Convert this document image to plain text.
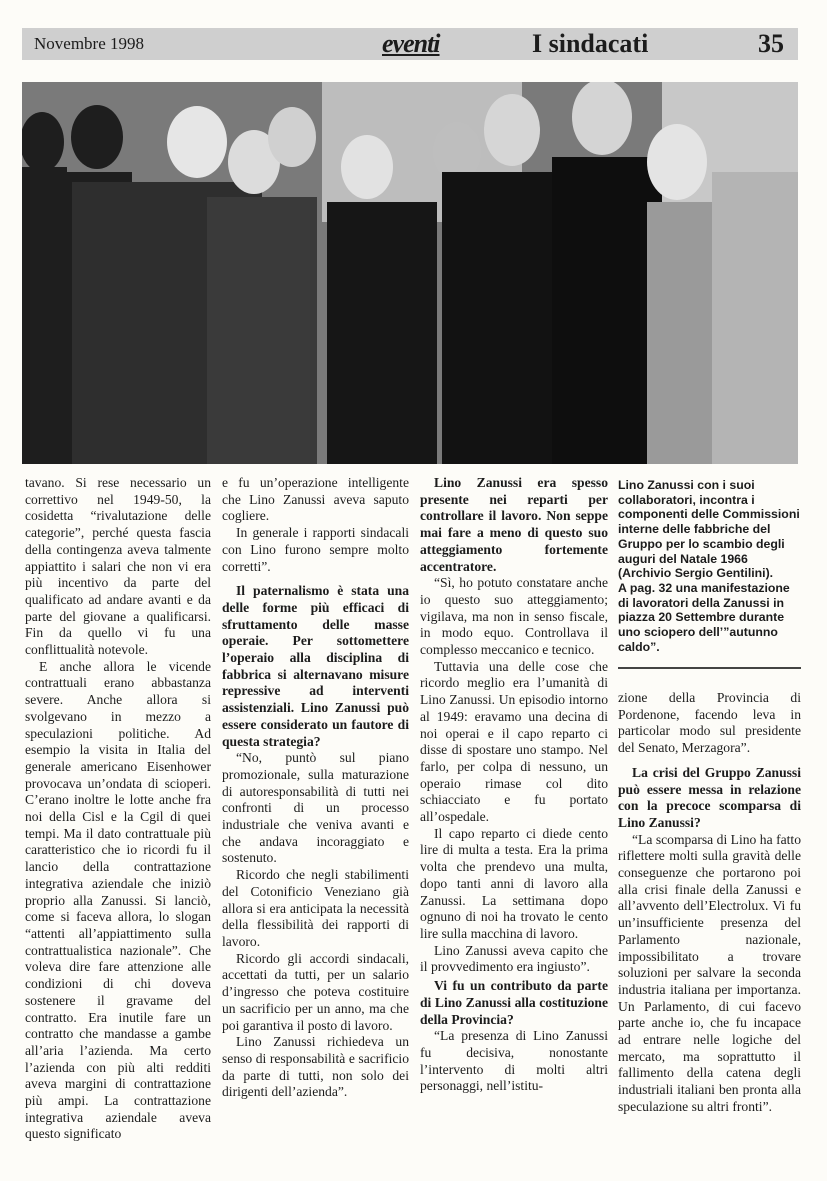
Novembre 1998	eventi	I sindacati	35

tavano. Si rese necessario un correttivo nel 1949-50, la cosidetta “rivalutazione delle categorie”, perché questa fascia della contingenza aveva talmente appiattito i salari che non vi era più incentivo da parte del qualificato ad andare avanti e da parte del giovane a qualificarsi. Fin da quello vi fu una conflittualità notevole.

E anche allora le vicende contrattuali erano abbastanza severe. Anche allora si svolgevano in mezzo a speculazioni politiche. Ad esempio la visita in Italia del generale americano Eisenhower provocava un’ondata di scioperi. C’erano inoltre le lotte anche fra noi della Cisl e la Cgil di quei tempi. Ma il dato contrattuale più caratteristico che io ricordi fu il lancio della contrattazione integrativa aziendale che iniziò proprio alla Zanussi. Si lanciò, come si faceva allora, lo slogan “attenti all’appiattimento sulla contrattualistica nazionale”. Che voleva dire fare attenzione alle condizioni di chi doveva sostenere il gravame del contratto. Era inutile fare un contratto che mandasse a gambe all’aria l’azienda. Ma certo l’azienda con più alti redditi aveva margini di contrattazione più ampi. La contrattazione integrativa aziendale aveva questo significato

e fu un’operazione intelligente che Lino Zanussi aveva saputo cogliere.

In generale i rapporti sindacali con Lino furono sempre molto corretti”.

Il paternalismo è stata una delle forme più efficaci di sfruttamento delle masse operaie. Per sottomettere l’operaio alla disciplina di fabbrica si alternavano misure repressive ad interventi assistenziali. Lino Zanussi può essere considerato un fautore di questa strategia?

“No, puntò sul piano promozionale, sulla maturazione di autoresponsabilità di tutti nei confronti di un processo industriale che veniva avanti e che andava incoraggiato e sostenuto.

Ricordo che negli stabilimenti del Cotonificio Veneziano già allora si era anticipata la necessità della flessibilità dei rapporti di lavoro.

Ricordo gli accordi sindacali, accettati da tutti, per un salario d’ingresso che poteva costituire un sacrificio per un anno, ma che poi garantiva il posto di lavoro.

Lino Zanussi richiedeva un senso di responsabilità e sacrificio da parte di tutti, non solo dei dirigenti dell’azienda”.

Lino Zanussi era spesso presente nei reparti per controllare il lavoro. Non seppe mai fare a meno di questo suo atteggiamento fortemente accentratore.

“Sì, ho potuto constatare anche io questo suo atteggiamento; vigilava, ma non in senso fiscale, in modo equo. Controllava il complesso meccanico e tecnico.

Tuttavia una delle cose che ricordo meglio era l’umanità di Lino Zanussi. Un episodio intorno al 1949: eravamo una decina di noi operai e il capo reparto ci disse di spostare uno stampo. Nel farlo, per colpa di nessuno, un operaio rimase col dito schiacciato e fu portato all’ospedale.

Il capo reparto ci diede cento lire di multa a testa. Era la prima volta che prendevo una multa, dopo tanti anni di lavoro alla Zanussi. La settimana dopo ognuno di noi ha trovato le cento lire sulla macchina di lavoro.

Lino Zanussi aveva capito che il provvedimento era ingiusto”.

Vi fu un contributo da parte di Lino Zanussi alla costituzione della Provincia?

“La presenza di Lino Zanussi fu decisiva, nonostante l’intervento di molti altri personaggi, nell’istitu-

Lino Zanussi con i suoi collaboratori, incontra i componenti delle Commissioni interne delle fabbriche del Gruppo per lo scambio degli auguri del Natale 1966 (Archivio Sergio Gentilini).

A pag. 32 una manifestazione di lavoratori della Zanussi in piazza 20 Settembre durante uno sciopero dell’”autunno caldo”.

zione della Provincia di Pordenone, facendo leva in particolar modo sul presidente del Senato, Merzagora”.

La crisi del Gruppo Zanussi può essere messa in relazione con la precoce scomparsa di Lino Zanussi?

“La scomparsa di Lino ha fatto riflettere molti sulla gravità delle conseguenze che portarono poi alla crisi finale della Zanussi e all’avvento dell’Electrolux. Vi fu un’insufficiente presenza del Parlamento nazionale, impossibilitato a trovare soluzioni per salvare la seconda industria italiana per importanza. Un Parlamento, di cui facevo parte anche io, che fu incapace ad entrare nelle logiche del mercato, ma soprattutto il fallimento della catena degli industriali italiani ben pronta alla speculazione su altri fronti”.
